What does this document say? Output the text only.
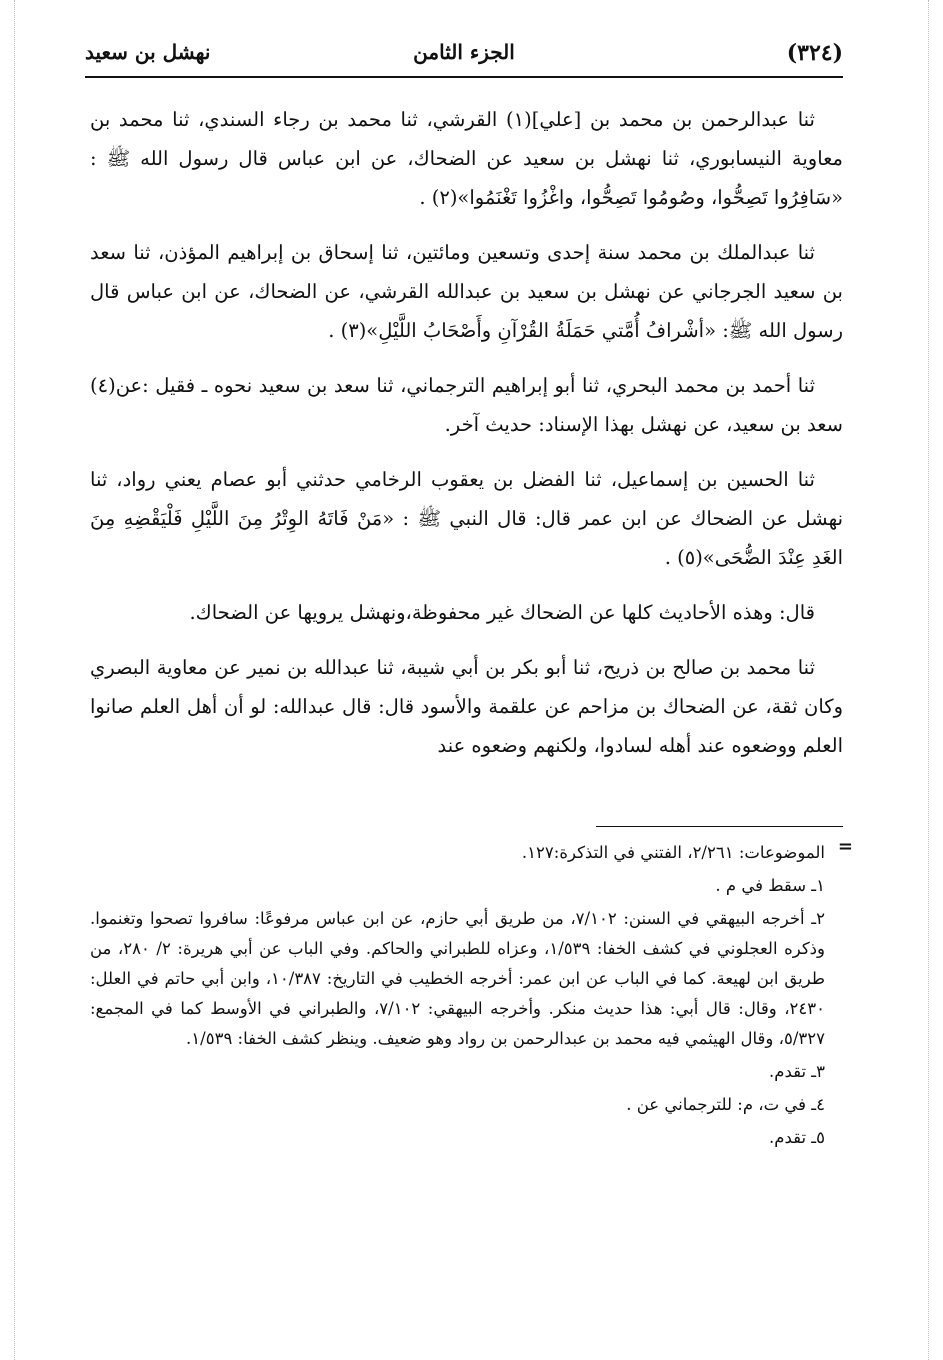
(٣٢٤)
الجزء الثامن
نهشل بن سعيد

ثنا عبدالرحمن بن محمد بن [علي](١) القرشي، ثنا محمد بن رجاء السندي، ثنا محمد بن معاوية النيسابوري، ثنا نهشل بن سعيد عن الضحاك، عن ابن عباس قال رسول الله ﷺ : «سَافِرُوا تَصِحُّوا، وصُومُوا تَصِحُّوا، واغْزُوا تَغْنَمُوا»(٢) .

ثنا عبدالملك بن محمد سنة إحدى وتسعين ومائتين، ثنا إسحاق بن إبراهيم المؤذن، ثنا سعد بن سعيد الجرجاني عن نهشل بن سعيد بن عبدالله القرشي، عن الضحاك، عن ابن عباس قال رسول الله ﷺ: «أشْرافُ أُمَّتي حَمَلَةُ القُرْآنِ وأَصْحَابُ اللَّيْلِ»(٣) .

ثنا أحمد بن محمد البحري، ثنا أبو إبراهيم الترجماني، ثنا سعد بن سعيد نحوه ـ فقيل :عن(٤) سعد بن سعيد، عن نهشل بهذا الإسناد: حديث آخر.

ثنا الحسين بن إسماعيل، ثنا الفضل بن يعقوب الرخامي حدثني أبو عصام يعني رواد، ثنا نهشل عن الضحاك عن ابن عمر قال: قال النبي ﷺ : «مَنْ فَاتَهُ الوِتْرُ مِنَ اللَّيْلِ فَلْيَقْضِهِ مِنَ الغَدِ عِنْدَ الضُّحَى»(٥) .

قال: وهذه الأحاديث كلها عن الضحاك غير محفوظة،ونهشل يرويها عن الضحاك.

ثنا محمد بن صالح بن ذريح، ثنا أبو بكر بن أبي شيبة، ثنا عبدالله بن نمير عن معاوية البصري وكان ثقة، عن الضحاك بن مزاحم عن علقمة والأسود قال: قال عبدالله: لو أن أهل العلم صانوا العلم ووضعوه عند أهله لسادوا، ولكنهم وضعوه عند

=

الموضوعات: ٢/٢٦١، الفتني في التذكرة:١٢٧.

١ـ سقط في م .

٢ـ أخرجه البيهقي في السنن: ٧/١٠٢، من طريق أبي حازم، عن ابن عباس مرفوعًا: سافروا تصحوا وتغنموا. وذكره العجلوني في كشف الخفا: ١/٥٣٩، وعزاه للطبراني والحاكم. وفي الباب عن أبي هريرة: ٢/ ٢٨٠، من طريق ابن لهيعة. كما في الباب عن ابن عمر: أخرجه الخطيب في التاريخ: ١٠/٣٨٧، وابن أبي حاتم في العلل: ٢٤٣٠، وقال: قال أبي: هذا حديث منكر. وأخرجه البيهقي: ٧/١٠٢، والطبراني في الأوسط كما في المجمع: ٥/٣٢٧، وقال الهيثمي فيه محمد بن عبدالرحمن بن رواد وهو ضعيف. وينظر كشف الخفا: ١/٥٣٩.

٣ـ تقدم.

٤ـ في ت، م: للترجماني عن .

٥ـ تقدم.
